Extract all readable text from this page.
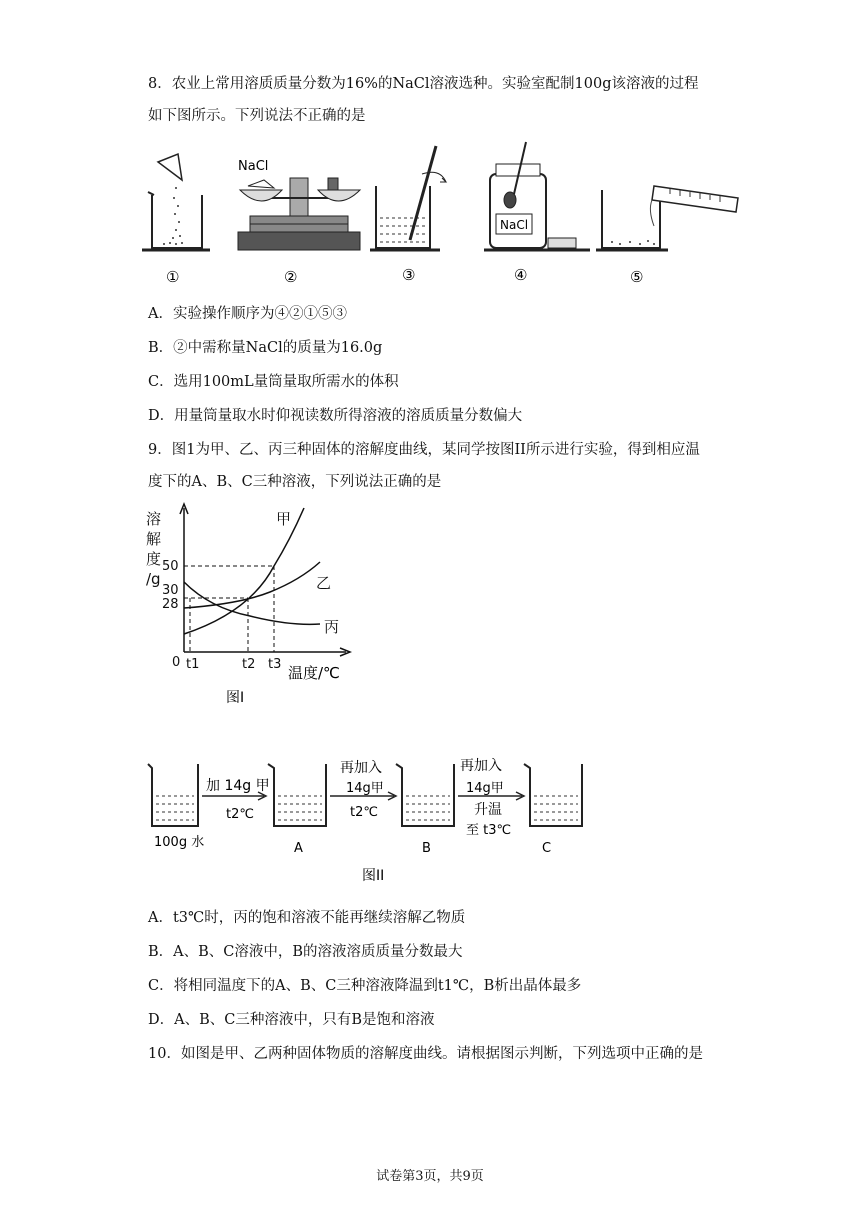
8．农业上常用溶质质量分数为16%的NaCl溶液选种。实验室配制100g该溶液的过程
如下图所示。下列说法不正确的是
NaCl
NaCl
①	②	③	④	⑤
A．实验操作顺序为④②①⑤③
B．②中需称量NaCl的质量为16.0g
C．选用100mL量筒量取所需水的体积
D．用量筒量取水时仰视读数所得溶液的溶质质量分数偏大
9．图1为甲、乙、丙三种固体的溶解度曲线，某同学按图II所示进行实验，得到相应温
度下的A、B、C三种溶液，下列说法正确的是
溶
解
度
/g
50
30
28
0 t1	t2 t3 温度/℃
甲
乙
丙
图I
100g 水
加 14g 甲
t2℃
A
再加入
14g甲
t2℃
B
再加入
14g甲
升温
至 t3℃
C
图II
A．t3℃时，丙的饱和溶液不能再继续溶解乙物质
B．A、B、C溶液中，B的溶液溶质质量分数最大
C．将相同温度下的A、B、C三种溶液降温到t1℃，B析出晶体最多
D．A、B、C三种溶液中，只有B是饱和溶液
10．如图是甲、乙两种固体物质的溶解度曲线。请根据图示判断，下列选项中正确的是
试卷第3页，共9页
